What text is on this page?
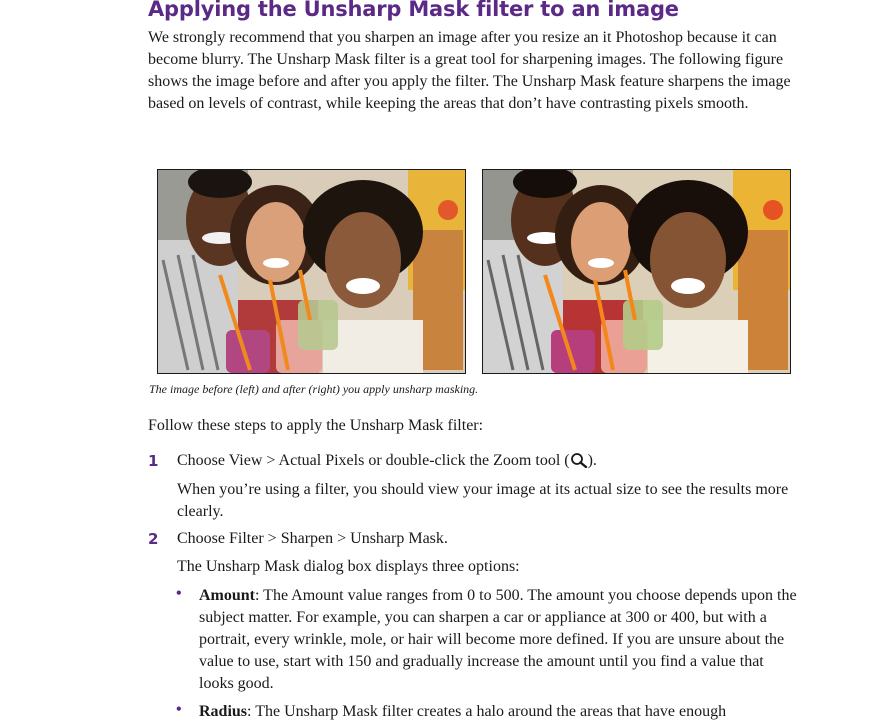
Applying the Unsharp Mask filter to an image

We strongly recommend that you sharpen an image after you resize an it Photoshop because it can become blurry. The Unsharp Mask filter is a great tool for sharpening images. The following figure shows the image before and after you apply the filter. The Unsharp Mask feature sharpens the image based on levels of contrast, while keeping the areas that don’t have contrasting pixels smooth.

The image before (left) and after (right) you apply unsharp masking.
Follow these steps to apply the Unsharp Mask filter:
1 Choose View > Actual Pixels or double-click the Zoom tool ( ).

When you’re using a filter, you should view your image at its actual size to see the results more clearly.

2 Choose Filter > Sharpen > Unsharp Mask.

The Unsharp Mask dialog box displays three options:

• Amount: The Amount value ranges from 0 to 500. The amount you choose depends upon the subject matter. For example, you can sharpen a car or appliance at 300 or 400, but with a portrait, every wrinkle, mole, or hair will become more defined. If you are unsure about the value to use, start with 150 and gradually increase the amount until you find a value that looks good.

• Radius: The Unsharp Mask filter creates a halo around the areas that have enough
